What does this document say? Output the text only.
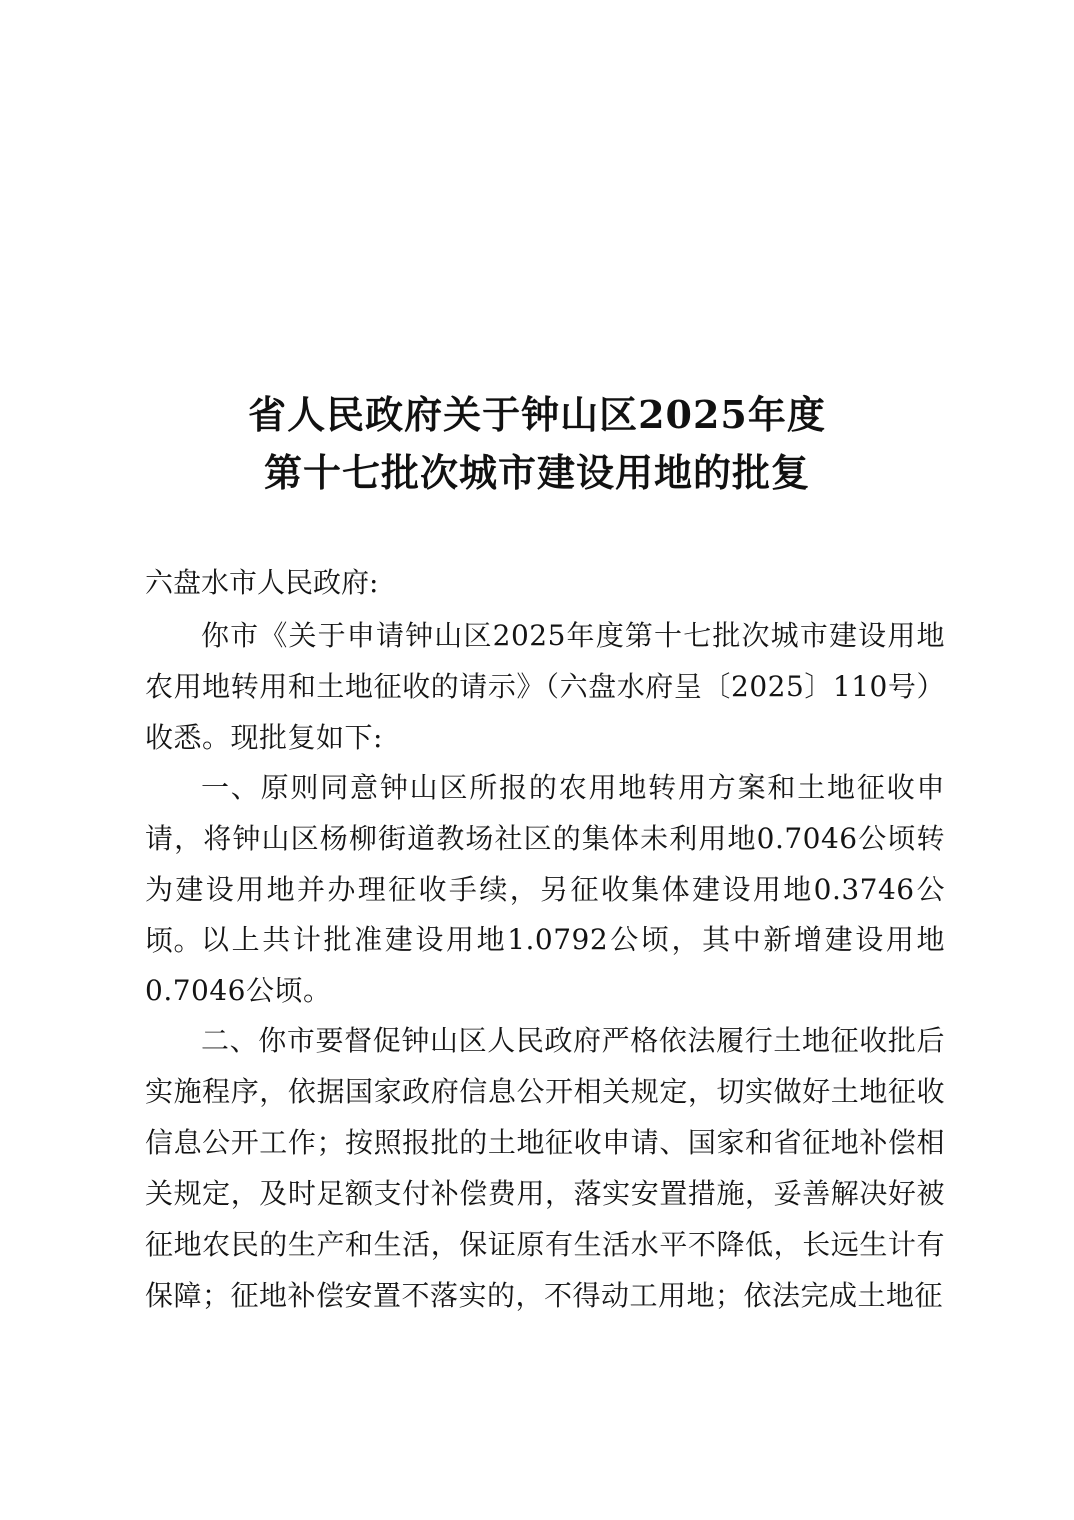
省人民政府关于钟山区2025年度
第十七批次城市建设用地的批复
六盘水市人民政府:
你市《关于申请钟山区2025年度第十七批次城市建设用地农用地转用和土地征收的请示》（六盘水府呈〔2025〕110号）收悉。现批复如下:
一、原则同意钟山区所报的农用地转用方案和土地征收申请，将钟山区杨柳街道教场社区的集体未利用地0.7046公顷转为建设用地并办理征收手续，另征收集体建设用地0.3746公顷。
以上共计批准建设用地1.0792公顷，其中新增建设用地0.7046公顷。
二、你市要督促钟山区人民政府严格依法履行土地征收批后实施程序，依据国家政府信息公开相关规定，切实做好土地征收信息公开工作；按照报批的土地征收申请、国家和省征地补偿相关规定，及时足额支付补偿费用，落实安置措施，妥善解决好被征地农民的生产和生活，保证原有生活水平不降低，长远生计有保障；征地补偿安置不落实的，不得动工用地；依法完成土地征
